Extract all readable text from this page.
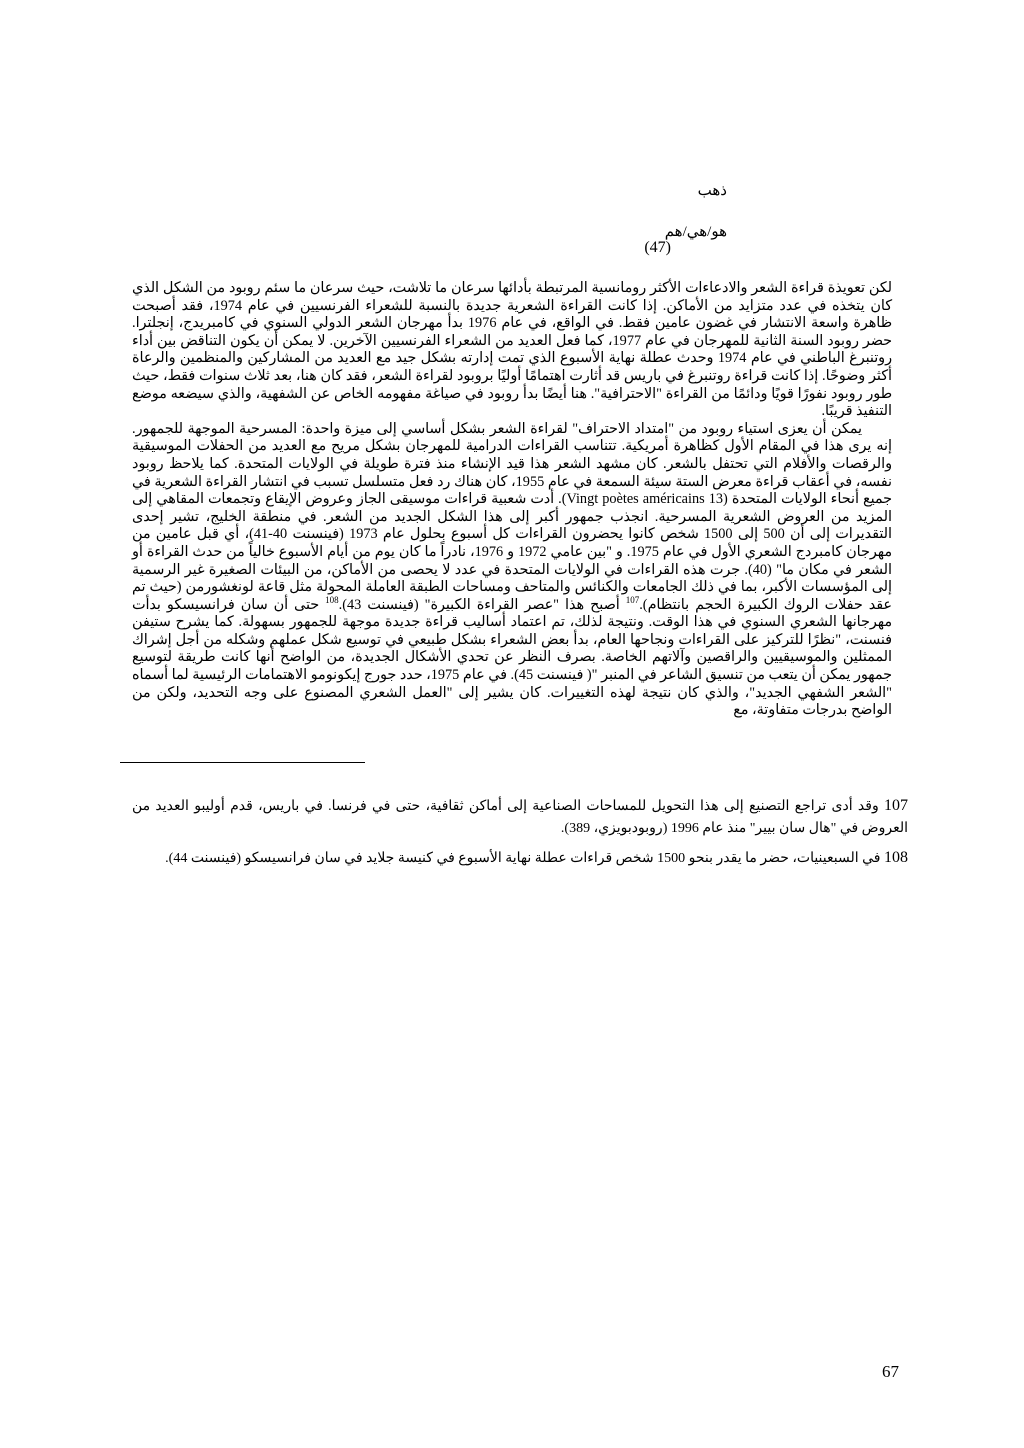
ذهب
هو/هي/هم
(47)

لكن تعويذة قراءة الشعر والادعاءات الأكثر رومانسية المرتبطة بأدائها سرعان ما تلاشت، حيث سرعان ما سئم روبود من الشكل الذي كان يتخذه في عدد متزايد من الأماكن. إذا كانت القراءة الشعرية جديدة بالنسبة للشعراء الفرنسيين في عام 1974، فقد أصبحت ظاهرة واسعة الانتشار في غضون عامين فقط. في الواقع، في عام 1976 بدأ مهرجان الشعر الدولي السنوي في كامبريدج، إنجلترا. حضر روبود السنة الثانية للمهرجان في عام 1977، كما فعل العديد من الشعراء الفرنسيين الآخرين. لا يمكن أن يكون التناقض بين أداء روتنبرغ الباطني في عام 1974 وحدث عطلة نهاية الأسبوع الذي تمت إدارته بشكل جيد مع العديد من المشاركين والمنظمين والرعاة أكثر وضوحًا. إذا كانت قراءة روتنبرغ في باريس قد أثارت اهتمامًا أوليًا بروبود لقراءة الشعر، فقد كان هنا، بعد ثلاث سنوات فقط، حيث طور روبود نفورًا قويًا ودائمًا من القراءة "الاحترافية". هنا أيضًا بدأ روبود في صياغة مفهومه الخاص عن الشفهية، والذي سيضعه موضع التنفيذ قريبًا.

يمكن أن يعزى استياء روبود من "امتداد الاحتراف" لقراءة الشعر بشكل أساسي إلى ميزة واحدة: المسرحية الموجهة للجمهور. إنه يرى هذا في المقام الأول كظاهرة أمريكية. تتناسب القراءات الدرامية للمهرجان بشكل مريح مع العديد من الحفلات الموسيقية والرقصات والأفلام التي تحتفل بالشعر. كان مشهد الشعر هذا قيد الإنشاء منذ فترة طويلة في الولايات المتحدة. كما يلاحظ روبود نفسه، في أعقاب قراءة معرض الستة سيئة السمعة في عام 1955، كان هناك رد فعل متسلسل تسبب في انتشار القراءة الشعرية في جميع أنحاء الولايات المتحدة (Vingt poètes américains 13). أدت شعبية قراءات موسيقى الجاز وعروض الإيقاع وتجمعات المقاهي إلى المزيد من العروض الشعرية المسرحية. انجذب جمهور أكبر إلى هذا الشكل الجديد من الشعر. في منطقة الخليج، تشير إحدى التقديرات إلى أن 500 إلى 1500 شخص كانوا يحضرون القراءات كل أسبوع بحلول عام 1973 (فينسنت 40-41)، أي قبل عامين من مهرجان كامبردج الشعري الأول في عام 1975. و "بين عامي 1972 و 1976، نادراً ما كان يوم من أيام الأسبوع خالياً من حدث القراءة أو الشعر في مكان ما" (40). جرت هذه القراءات في الولايات المتحدة في عدد لا يحصى من الأماكن، من البيئات الصغيرة غير الرسمية إلى المؤسسات الأكبر، بما في ذلك الجامعات والكنائس والمتاحف ومساحات الطبقة العاملة المحولة مثل قاعة لونغشورمن (حيث تم عقد حفلات الروك الكبيرة الحجم بانتظام).$^{107}$ أصبح هذا "عصر القراءة الكبيرة" (فينسنت 43).$^{108}$ حتى أن سان فرانسيسكو بدأت مهرجانها الشعري السنوي في هذا الوقت. ونتيجة لذلك، تم اعتماد أساليب قراءة جديدة موجهة للجمهور بسهولة. كما يشرح ستيفن فنسنت، "نظرًا للتركيز على القراءات ونجاحها العام، بدأ بعض الشعراء بشكل طبيعي في توسيع شكل عملهم وشكله من أجل إشراك الممثلين والموسيقيين والراقصين وآلاتهم الخاصة. بصرف النظر عن تحدي الأشكال الجديدة، من الواضح أنها كانت طريقة لتوسيع جمهور يمكن أن يتعب من تنسيق الشاعر في المنبر "( فينسنت 45). في عام 1975، حدد جورج إيكونومو الاهتمامات الرئيسية لما أسماه "الشعر الشفهي الجديد"، والذي كان نتيجة لهذه التغييرات. كان يشير إلى "العمل الشعري المصنوع على وجه التحديد، ولكن من الواضح بدرجات متفاوتة، مع

107 وقد أدى تراجع التصنيع إلى هذا التحويل للمساحات الصناعية إلى أماكن ثقافية، حتى في فرنسا. في باريس، قدم أوليبو العديد من العروض في "هال سان بيير" منذ عام 1996 (روبودبويزي، 389).
108 في السبعينيات، حضر ما يقدر بنحو 1500 شخص قراءات عطلة نهاية الأسبوع في كنيسة جلايد في سان فرانسيسكو (فينسنت 44).
67
